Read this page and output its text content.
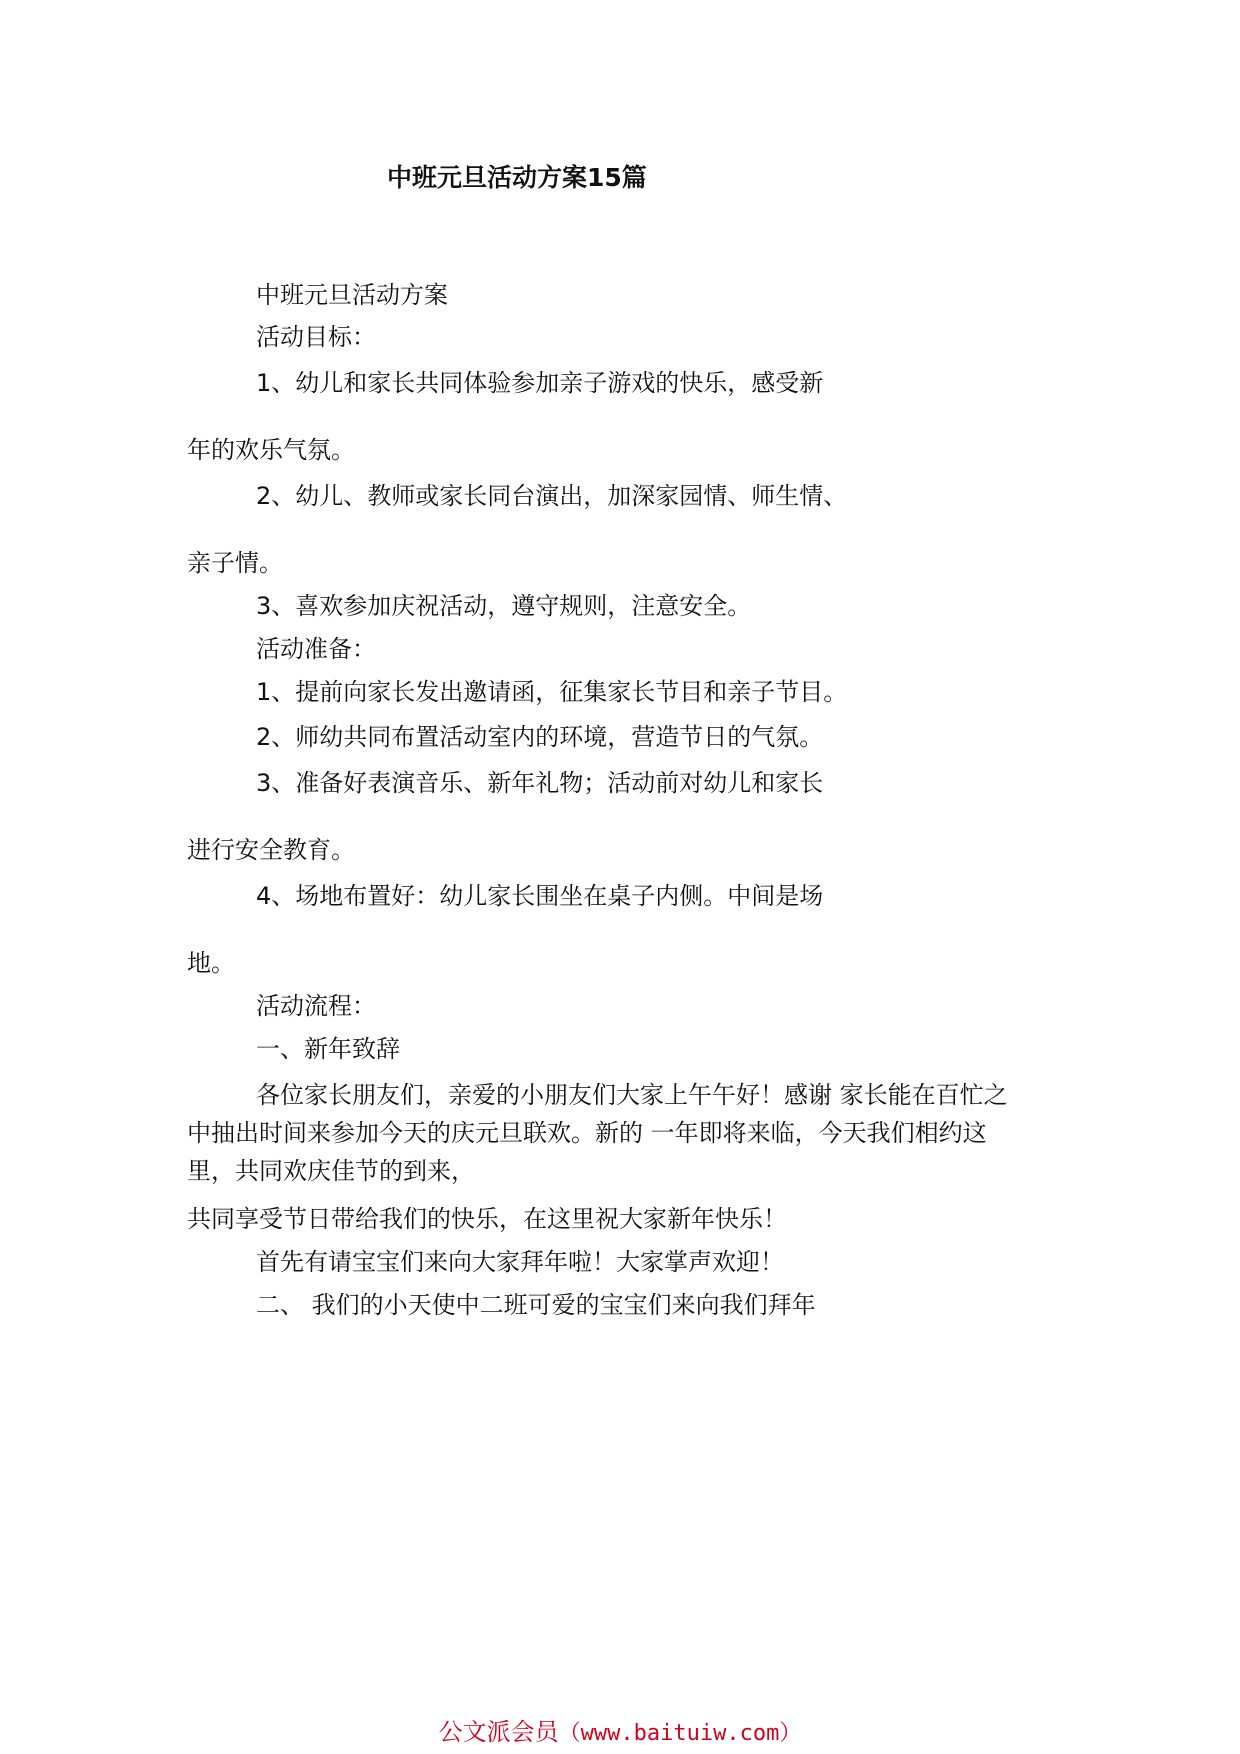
中班元旦活动方案15篇
中班元旦活动方案
活动目标：
1、幼儿和家长共同体验参加亲子游戏的快乐，感受新
年的欢乐气氛。
2、幼儿、教师或家长同台演出，加深家园情、师生情、
亲子情。
3、喜欢参加庆祝活动，遵守规则，注意安全。
活动准备：
1、提前向家长发出邀请函，征集家长节目和亲子节目。
2、师幼共同布置活动室内的环境，营造节日的气氛。
3、准备好表演音乐、新年礼物；活动前对幼儿和家长
进行安全教育。
4、场地布置好：幼儿家长围坐在桌子内侧。中间是场
地。
活动流程：
一、新年致辞
各位家长朋友们，亲爱的小朋友们大家上午午好！感谢 家长能在百忙之
中抽出时间来参加今天的庆元旦联欢。新的 一年即将来临，今天我们相约这
里，共同欢庆佳节的到来，
共同享受节日带给我们的快乐，在这里祝大家新年快乐！
首先有请宝宝们来向大家拜年啦！大家掌声欢迎！
二、 我们的小天使中二班可爱的宝宝们来向我们拜年
公文派会员（www.baituiw.com）
